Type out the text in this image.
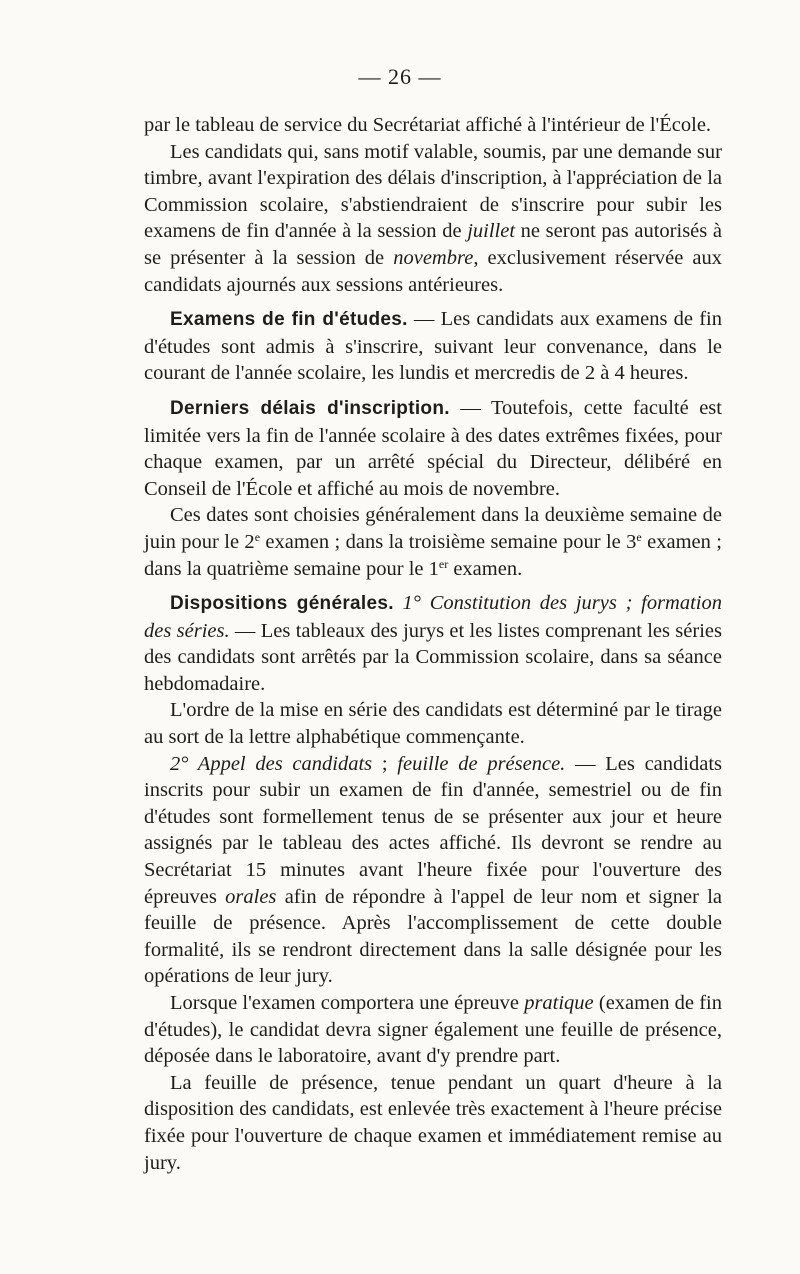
— 26 —

par le tableau de service du Secrétariat affiché à l'intérieur de l'École.

Les candidats qui, sans motif valable, soumis, par une demande sur timbre, avant l'expiration des délais d'inscription, à l'appréciation de la Commission scolaire, s'abstiendraient de s'inscrire pour subir les examens de fin d'année à la session de juillet ne seront pas autorisés à se présenter à la session de novembre, exclusivement réservée aux candidats ajournés aux sessions antérieures.

Examens de fin d'études. — Les candidats aux examens de fin d'études sont admis à s'inscrire, suivant leur convenance, dans le courant de l'année scolaire, les lundis et mercredis de 2 à 4 heures.

Derniers délais d'inscription. — Toutefois, cette faculté est limitée vers la fin de l'année scolaire à des dates extrêmes fixées, pour chaque examen, par un arrêté spécial du Directeur, délibéré en Conseil de l'École et affiché au mois de novembre.

Ces dates sont choisies généralement dans la deuxième semaine de juin pour le 2e examen ; dans la troisième semaine pour le 3e examen ; dans la quatrième semaine pour le 1er examen.

Dispositions générales. 1° Constitution des jurys ; formation des séries. — Les tableaux des jurys et les listes comprenant les séries des candidats sont arrêtés par la Commission scolaire, dans sa séance hebdomadaire.

L'ordre de la mise en série des candidats est déterminé par le tirage au sort de la lettre alphabétique commençante.

2° Appel des candidats ; feuille de présence. — Les candidats inscrits pour subir un examen de fin d'année, semestriel ou de fin d'études sont formellement tenus de se présenter aux jour et heure assignés par le tableau des actes affiché. Ils devront se rendre au Secrétariat 15 minutes avant l'heure fixée pour l'ouverture des épreuves orales afin de répondre à l'appel de leur nom et signer la feuille de présence. Après l'accomplissement de cette double formalité, ils se rendront directement dans la salle désignée pour les opérations de leur jury.

Lorsque l'examen comportera une épreuve pratique (examen de fin d'études), le candidat devra signer également une feuille de présence, déposée dans le laboratoire, avant d'y prendre part.

La feuille de présence, tenue pendant un quart d'heure à la disposition des candidats, est enlevée très exactement à l'heure précise fixée pour l'ouverture de chaque examen et immédiatement remise au jury.
